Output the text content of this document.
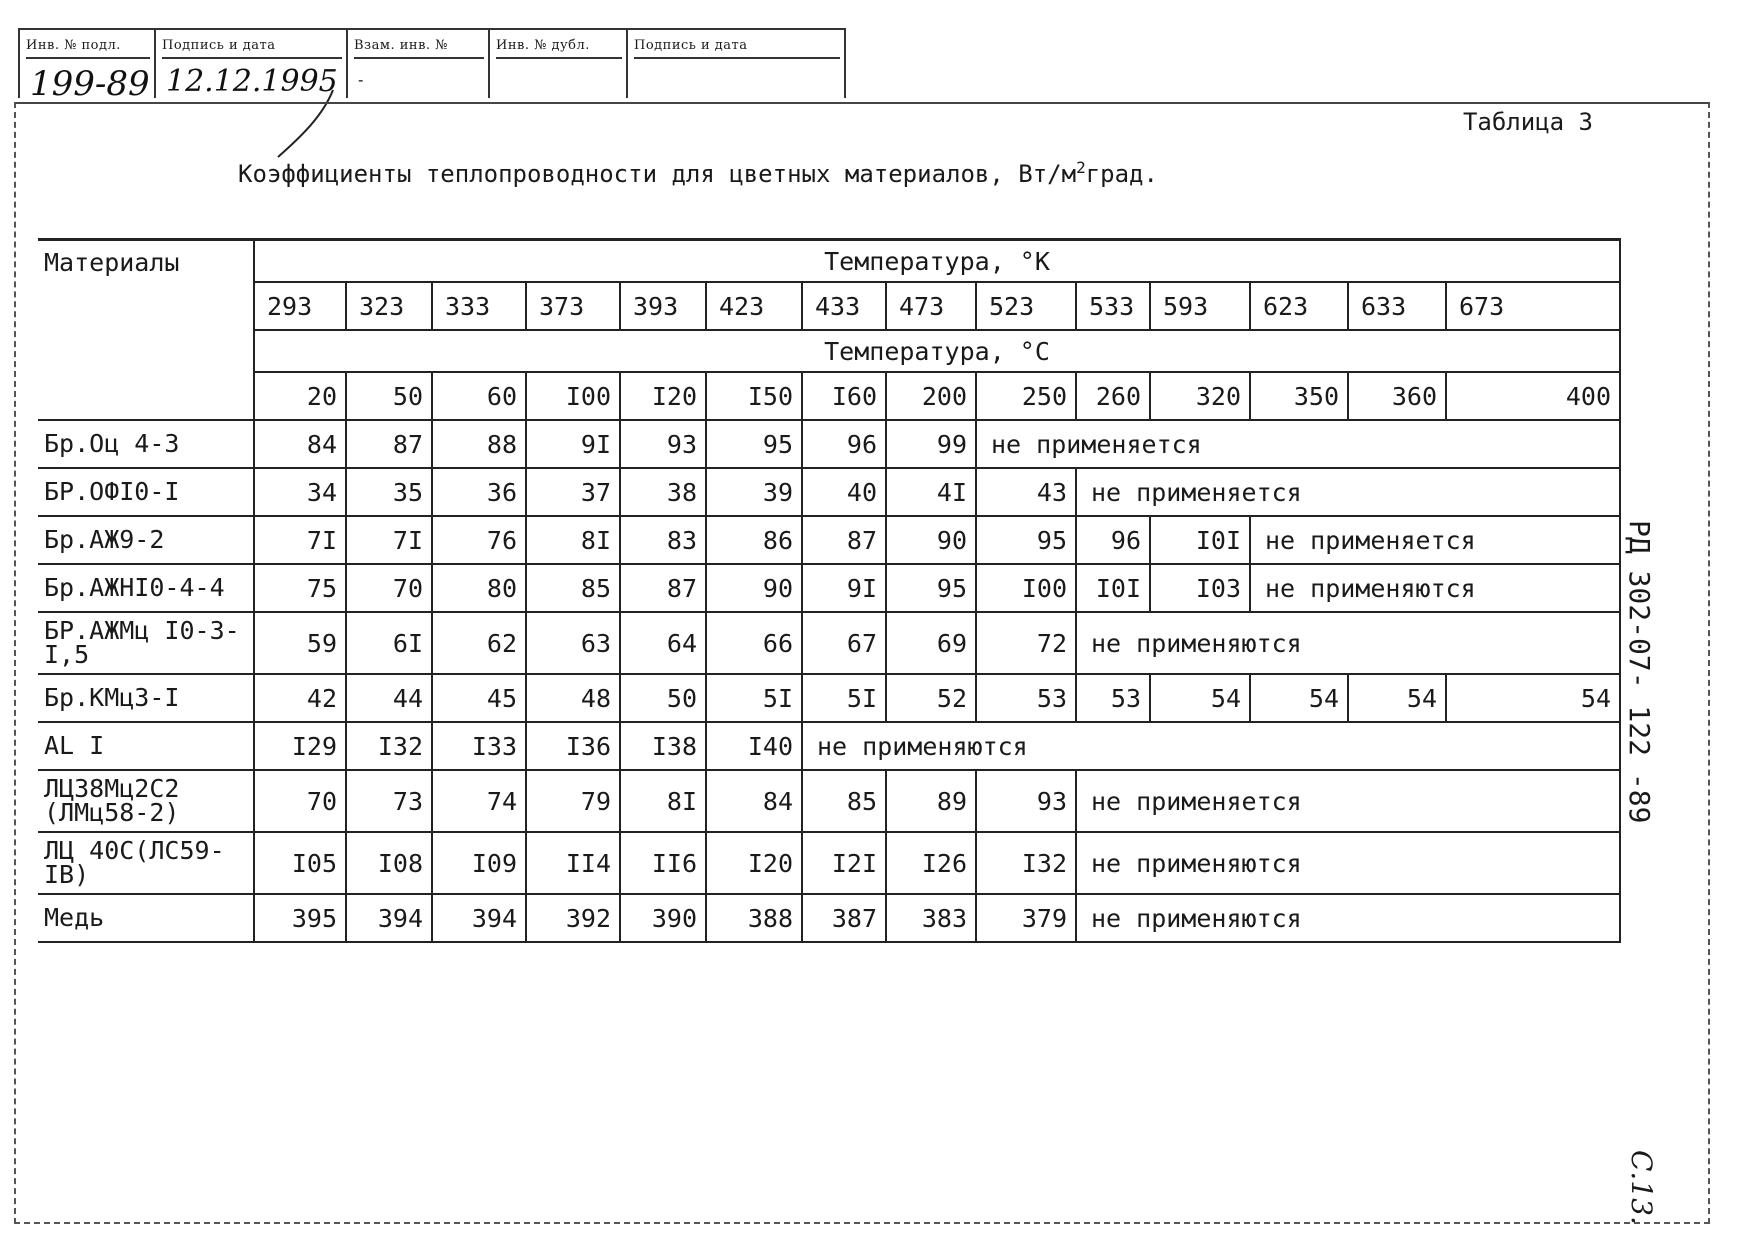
Инв. № подл.
199-89
Подпись и дата
12.12.1995
Взам. инв. №
-
Инв. № дубл.	Подпись и дата
Таблица 3
Коэффициенты теплопроводности для цветных материалов, $Вт/м^2град$.
Материалы	Температура, °К													
	293	323	333	373	393	423	433	473	523	533	593	623	633	673
	Температура, °С													
	20	50	60	I00	I20	I50	I60	200	250	260	320	350	360	400
Бр.Оц 4-3	84	87	88	9I	93	95	96	99	не применяется					
БР.ОФI0-I	34	35	36	37	38	39	40	4I	43	не применяется				
Бр.АЖ9-2	7I	7I	76	8I	83	86	87	90	95	96	I0I	не применяется		
Бр.АЖНI0-4-4	75	70	80	85	87	90	9I	95	I00	I0I	I03	не применяются		
БР.АЖМц I0-3-I,5	59	6I	62	63	64	66	67	69	72	не применяются				
Бр.КМц3-I	42	44	45	48	50	5I	5I	52	53	53	54	54	54	54
AL I	I29	I32	I33	I36	I38	I40	не применяются							
ЛЦ38Мц2С2 (ЛМц58-2)	70	73	74	79	8I	84	85	89	93	не применяется				
ЛЦ 40С(ЛС59-IВ)	I05	I08	I09	II4	II6	I20	I2I	I26	I32	не применяются				
Медь	395	394	394	392	390	388	387	383	379	не применяются				
РД 302-07- 122 -89
С.13.
